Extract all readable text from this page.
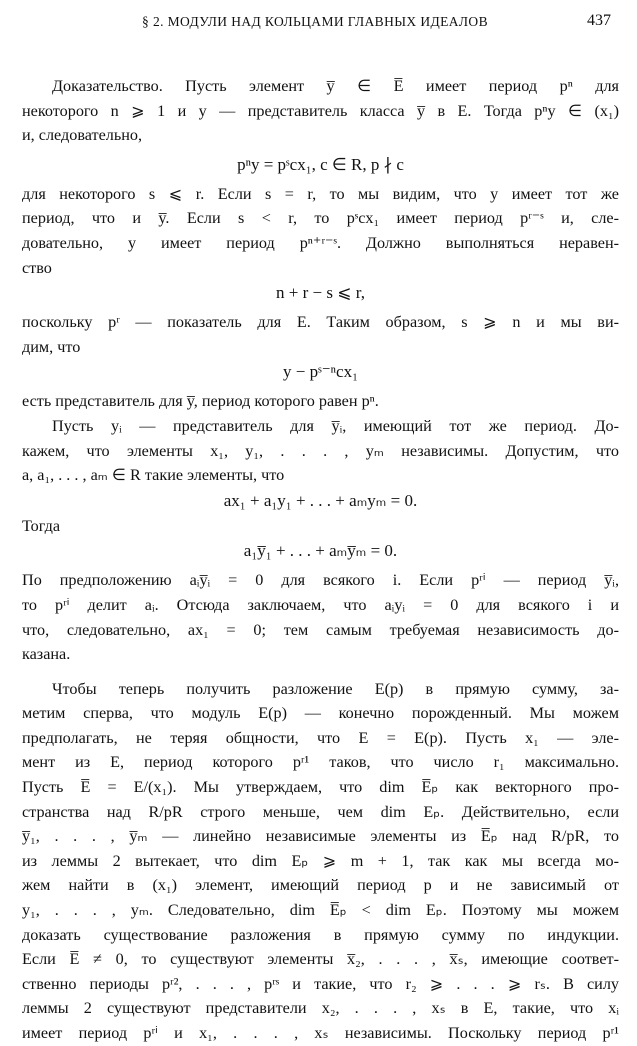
§ 2. МОДУЛИ НАД КОЛЬЦАМИ ГЛАВНЫХ ИДЕАЛОВ	437
Доказательство. Пусть элемент y̅ ∈ E̅ имеет период pⁿ для
некоторого n ⩾ 1 и y — представитель класса y̅ в E. Тогда pⁿy ∈ (x₁)
и, следовательно,
pⁿy = pˢcx₁, c ∈ R, p ∤ c
для некоторого s ⩽ r. Если s = r, то мы видим, что y имеет тот же
период, что и y̅. Если s < r, то pˢcx₁ имеет период pʳ⁻ˢ и, сле-
довательно, y имеет период pⁿ⁺ʳ⁻ˢ. Должно выполняться неравен-
ство
n + r − s ⩽ r,
поскольку pʳ — показатель для E. Таким образом, s ⩾ n и мы ви-
дим, что
y − pˢ⁻ⁿcx₁
есть представитель для y̅, период которого равен pⁿ.
Пусть yᵢ — представитель для y̅ᵢ, имеющий тот же период. До-
кажем, что элементы x₁, y₁, . . . , yₘ независимы. Допустим, что
a, a₁, . . . , aₘ ∈ R такие элементы, что
ax₁ + a₁y₁ + . . . + aₘyₘ = 0.
Тогда
a₁y̅₁ + . . . + aₘy̅ₘ = 0.
По предположению aᵢy̅ᵢ = 0 для всякого i. Если pʳⁱ — период y̅ᵢ,
то pʳⁱ делит aᵢ. Отсюда заключаем, что aᵢyᵢ = 0 для всякого i и
что, следовательно, ax₁ = 0; тем самым требуемая независимость до-
казана.
Чтобы теперь получить разложение E(p) в прямую сумму, за-
метим сперва, что модуль E(p) — конечно порожденный. Мы можем
предполагать, не теряя общности, что E = E(p). Пусть x₁ — эле-
мент из E, период которого pʳ¹ таков, что число r₁ максимально.
Пусть E̅ = E/(x₁). Мы утверждаем, что dim E̅ₚ как векторного про-
странства над R/pR строго меньше, чем dim Eₚ. Действительно, если
y̅₁, . . . , y̅ₘ — линейно независимые элементы из E̅ₚ над R/pR, то
из леммы 2 вытекает, что dim Eₚ ⩾ m + 1, так как мы всегда мо-
жем найти в (x₁) элемент, имеющий период p и не зависимый от
y₁, . . . , yₘ. Следовательно, dim E̅ₚ < dim Eₚ. Поэтому мы можем
доказать существование разложения в прямую сумму по индукции.
Если E̅ ≠ 0, то существуют элементы x̅₂, . . . , x̅ₛ, имеющие соответ-
ственно периоды pʳ², . . . , pʳˢ и такие, что r₂ ⩾ . . . ⩾ rₛ. В силу
леммы 2 существуют представители x₂, . . . , xₛ в E, такие, что xᵢ
имеет период pʳⁱ и x₁, . . . , xₛ независимы. Поскольку период pʳ¹
